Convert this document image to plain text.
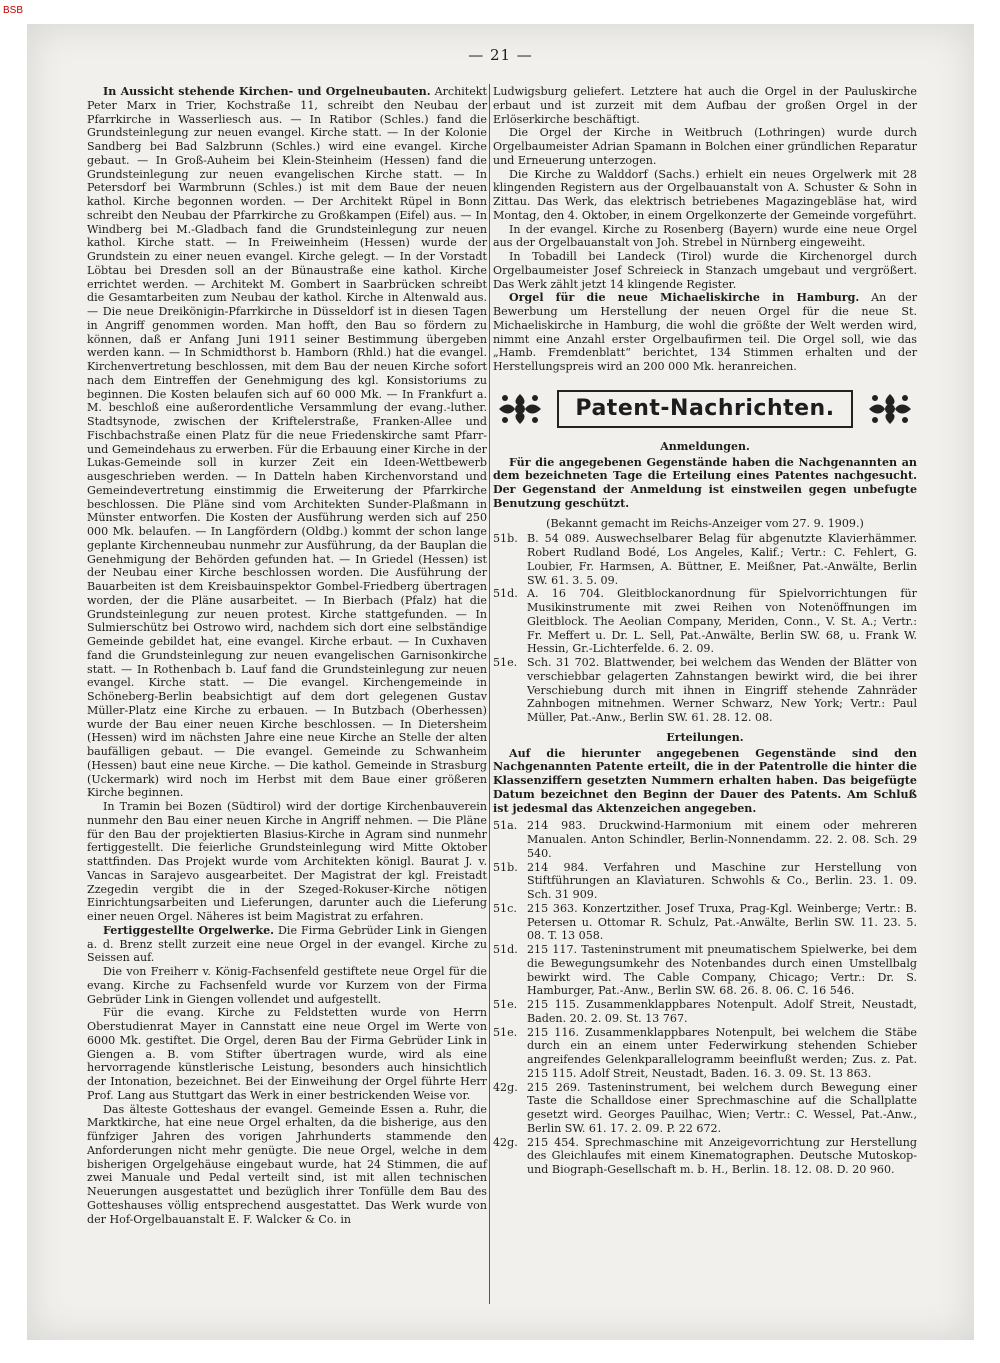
BSB
— 21 —

In Aussicht stehende Kirchen- und Orgelneubauten. Architekt Peter Marx in Trier, Kochstraße 11, schreibt den Neubau der Pfarrkirche in Wasserliesch aus. — In Ratibor (Schles.) fand die Grundsteinlegung zur neuen evangel. Kirche statt. — In der Kolonie Sandberg bei Bad Salzbrunn (Schles.) wird eine evangel. Kirche gebaut. — In Groß-Auheim bei Klein-Steinheim (Hessen) fand die Grundsteinlegung zur neuen evangelischen Kirche statt. — In Petersdorf bei Warmbrunn (Schles.) ist mit dem Baue der neuen kathol. Kirche begonnen worden. — Der Architekt Rüpel in Bonn schreibt den Neubau der Pfarrkirche zu Großkampen (Eifel) aus. — In Windberg bei M.-Gladbach fand die Grundsteinlegung zur neuen kathol. Kirche statt. — In Freiweinheim (Hessen) wurde der Grundstein zu einer neuen evangel. Kirche gelegt. — In der Vorstadt Löbtau bei Dresden soll an der Bünaustraße eine kathol. Kirche errichtet werden. — Architekt M. Gombert in Saarbrücken schreibt die Gesamtarbeiten zum Neubau der kathol. Kirche in Altenwald aus. — Die neue Dreikönigin-Pfarrkirche in Düsseldorf ist in diesen Tagen in Angriff genommen worden. Man hofft, den Bau so fördern zu können, daß er Anfang Juni 1911 seiner Bestimmung übergeben werden kann. — In Schmidthorst b. Hamborn (Rhld.) hat die evangel. Kirchenvertretung beschlossen, mit dem Bau der neuen Kirche sofort nach dem Eintreffen der Genehmigung des kgl. Konsistoriums zu beginnen. Die Kosten belaufen sich auf 60 000 Mk. — In Frankfurt a. M. beschloß eine außerordentliche Versammlung der evang.-luther. Stadtsynode, zwischen der Kriftelerstraße, Franken-Allee und Fischbachstraße einen Platz für die neue Friedenskirche samt Pfarr- und Gemeindehaus zu erwerben. Für die Erbauung einer Kirche in der Lukas-Gemeinde soll in kurzer Zeit ein Ideen-Wettbewerb ausgeschrieben werden. — In Datteln haben Kirchenvorstand und Gemeindevertretung einstimmig die Erweiterung der Pfarrkirche beschlossen. Die Pläne sind vom Architekten Sunder-Plaßmann in Münster entworfen. Die Kosten der Ausführung werden sich auf 250 000 Mk. belaufen. — In Langfördern (Oldbg.) kommt der schon lange geplante Kirchenneubau nunmehr zur Ausführung, da der Bauplan die Genehmigung der Behörden gefunden hat. — In Griedel (Hessen) ist der Neubau einer Kirche beschlossen worden. Die Ausführung der Bauarbeiten ist dem Kreisbauinspektor Gombel-Friedberg übertragen worden, der die Pläne ausarbeitet. — In Bierbach (Pfalz) hat die Grundsteinlegung zur neuen protest. Kirche stattgefunden. — In Sulmierschütz bei Ostrowo wird, nachdem sich dort eine selbständige Gemeinde gebildet hat, eine evangel. Kirche erbaut. — In Cuxhaven fand die Grundsteinlegung zur neuen evangelischen Garnisonkirche statt. — In Rothenbach b. Lauf fand die Grundsteinlegung zur neuen evangel. Kirche statt. — Die evangel. Kirchengemeinde in Schöneberg-Berlin beabsichtigt auf dem dort gelegenen Gustav Müller-Platz eine Kirche zu erbauen. — In Butzbach (Oberhessen) wurde der Bau einer neuen Kirche beschlossen. — In Dietersheim (Hessen) wird im nächsten Jahre eine neue Kirche an Stelle der alten baufälligen gebaut. — Die evangel. Gemeinde zu Schwanheim (Hessen) baut eine neue Kirche. — Die kathol. Gemeinde in Strasburg (Uckermark) wird noch im Herbst mit dem Baue einer größeren Kirche beginnen.

In Tramin bei Bozen (Südtirol) wird der dortige Kirchenbauverein nunmehr den Bau einer neuen Kirche in Angriff nehmen. — Die Pläne für den Bau der projektierten Blasius-Kirche in Agram sind nunmehr fertiggestellt. Die feierliche Grundsteinlegung wird Mitte Oktober stattfinden. Das Projekt wurde vom Architekten königl. Baurat J. v. Vancas in Sarajevo ausgearbeitet. Der Magistrat der kgl. Freistadt Zzegedin vergibt die in der Szeged-Rokuser-Kirche nötigen Einrichtungsarbeiten und Lieferungen, darunter auch die Lieferung einer neuen Orgel. Näheres ist beim Magistrat zu erfahren.

Fertiggestellte Orgelwerke. Die Firma Gebrüder Link in Giengen a. d. Brenz stellt zurzeit eine neue Orgel in der evangel. Kirche zu Seissen auf.

Die von Freiherr v. König-Fachsenfeld gestiftete neue Orgel für die evang. Kirche zu Fachsenfeld wurde vor Kurzem von der Firma Gebrüder Link in Giengen vollendet und aufgestellt.

Für die evang. Kirche zu Feldstetten wurde von Herrn Oberstudienrat Mayer in Cannstatt eine neue Orgel im Werte von 6000 Mk. gestiftet. Die Orgel, deren Bau der Firma Gebrüder Link in Giengen a. B. vom Stifter übertragen wurde, wird als eine hervorragende künstlerische Leistung, besonders auch hinsichtlich der Intonation, bezeichnet. Bei der Einweihung der Orgel führte Herr Prof. Lang aus Stuttgart das Werk in einer bestrickenden Weise vor.

Das älteste Gotteshaus der evangel. Gemeinde Essen a. Ruhr, die Marktkirche, hat eine neue Orgel erhalten, da die bisherige, aus den fünfziger Jahren des vorigen Jahrhunderts stammende den Anforderungen nicht mehr genügte. Die neue Orgel, welche in dem bisherigen Orgelgehäuse eingebaut wurde, hat 24 Stimmen, die auf zwei Manuale und Pedal verteilt sind, ist mit allen technischen Neuerungen ausgestattet und bezüglich ihrer Tonfülle dem Bau des Gotteshauses völlig entsprechend ausgestattet. Das Werk wurde von der Hof-Orgelbauanstalt E. F. Walcker & Co. in

Ludwigsburg geliefert. Letztere hat auch die Orgel in der Pauluskirche erbaut und ist zurzeit mit dem Aufbau der großen Orgel in der Erlöserkirche beschäftigt.

Die Orgel der Kirche in Weitbruch (Lothringen) wurde durch Orgelbaumeister Adrian Spamann in Bolchen einer gründlichen Reparatur und Erneuerung unterzogen.

Die Kirche zu Walddorf (Sachs.) erhielt ein neues Orgelwerk mit 28 klingenden Registern aus der Orgelbauanstalt von A. Schuster & Sohn in Zittau. Das Werk, das elektrisch betriebenes Magazingebläse hat, wird Montag, den 4. Oktober, in einem Orgelkonzerte der Gemeinde vorgeführt.

In der evangel. Kirche zu Rosenberg (Bayern) wurde eine neue Orgel aus der Orgelbauanstalt von Joh. Strebel in Nürnberg eingeweiht.

In Tobadill bei Landeck (Tirol) wurde die Kirchenorgel durch Orgelbaumeister Josef Schreieck in Stanzach umgebaut und vergrößert. Das Werk zählt jetzt 14 klingende Register.

Orgel für die neue Michaeliskirche in Hamburg. An der Bewerbung um Herstellung der neuen Orgel für die neue St. Michaeliskirche in Hamburg, die wohl die größte der Welt werden wird, nimmt eine Anzahl erster Orgelbaufirmen teil. Die Orgel soll, wie das „Hamb. Fremdenblatt“ berichtet, 134 Stimmen erhalten und der Herstellungspreis wird an 200 000 Mk. heranreichen.

Patent-Nachrichten.
Anmeldungen.

Für die angegebenen Gegenstände haben die Nachgenannten an dem bezeichneten Tage die Erteilung eines Patentes nachgesucht. Der Gegenstand der Anmeldung ist einstweilen gegen unbefugte Benutzung geschützt.

(Bekannt gemacht im Reichs-Anzeiger vom 27. 9. 1909.)
51b. B. 54 089. Auswechselbarer Belag für abgenutzte Klavierhämmer. Robert Rudland Bodé, Los Angeles, Kalif.; Vertr.: C. Fehlert, G. Loubier, Fr. Harmsen, A. Büttner, E. Meißner, Pat.-Anwälte, Berlin SW. 61. 3. 5. 09.
51d. A. 16 704. Gleitblockanordnung für Spielvorrichtungen für Musikinstrumente mit zwei Reihen von Notenöffnungen im Gleitblock. The Aeolian Company, Meriden, Conn., V. St. A.; Vertr.: Fr. Meffert u. Dr. L. Sell, Pat.-Anwälte, Berlin SW. 68, u. Frank W. Hessin, Gr.-Lichterfelde. 6. 2. 09.
51e. Sch. 31 702. Blattwender, bei welchem das Wenden der Blätter von verschiebbar gelagerten Zahnstangen bewirkt wird, die bei ihrer Verschiebung durch mit ihnen in Eingriff stehende Zahnräder Zahnbogen mitnehmen. Werner Schwarz, New York; Vertr.: Paul Müller, Pat.-Anw., Berlin SW. 61. 28. 12. 08.
Erteilungen.

Auf die hierunter angegebenen Gegenstände sind den Nachgenannten Patente erteilt, die in der Patentrolle die hinter die Klassenziffern gesetzten Nummern erhalten haben. Das beigefügte Datum bezeichnet den Beginn der Dauer des Patents. Am Schluß ist jedesmal das Aktenzeichen angegeben.

51a. 214 983. Druckwind-Harmonium mit einem oder mehreren Manualen. Anton Schindler, Berlin-Nonnendamm. 22. 2. 08. Sch. 29 540.
51b. 214 984. Verfahren und Maschine zur Herstellung von Stiftführungen an Klavìaturen. Schwohls & Co., Berlin. 23. 1. 09. Sch. 31 909.
51c. 215 363. Konzertzither. Josef Truxa, Prag-Kgl. Weinberge; Vertr.: B. Petersen u. Ottomar R. Schulz, Pat.-Anwälte, Berlin SW. 11. 23. 5. 08. T. 13 058.
51d. 215 117. Tasteninstrument mit pneumatischem Spielwerke, bei dem die Bewegungsumkehr des Notenbandes durch einen Umstellbalg bewirkt wird. The Cable Company, Chicago; Vertr.: Dr. S. Hamburger, Pat.-Anw., Berlin SW. 68. 26. 8. 06. C. 16 546.
51e. 215 115. Zusammenklappbares Notenpult. Adolf Streit, Neustadt, Baden. 20. 2. 09. St. 13 767.
51e. 215 116. Zusammenklappbares Notenpult, bei welchem die Stäbe durch ein an einem unter Federwirkung stehenden Schieber angreifendes Gelenkparallelogramm beeinflußt werden; Zus. z. Pat. 215 115. Adolf Streit, Neustadt, Baden. 16. 3. 09. St. 13 863.
42g. 215 269. Tasteninstrument, bei welchem durch Bewegung einer Taste die Schalldose einer Sprechmaschine auf die Schallplatte gesetzt wird. Georges Pauilhac, Wien; Vertr.: C. Wessel, Pat.-Anw., Berlin SW. 61. 17. 2. 09. P. 22 672.
42g. 215 454. Sprechmaschine mit Anzeigevorrichtung zur Herstellung des Gleichlaufes mit einem Kinematographen. Deutsche Mutoskop- und Biograph-Gesellschaft m. b. H., Berlin. 18. 12. 08. D. 20 960.
